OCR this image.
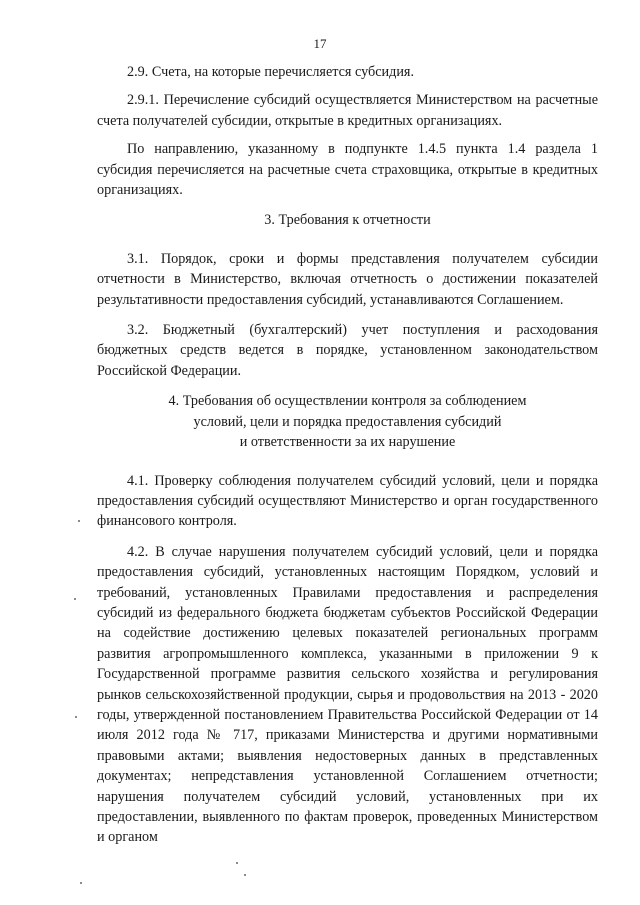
17

2.9. Счета, на которые перечисляется субсидия.

2.9.1. Перечисление субсидий осуществляется Министерством на расчетные счета получателей субсидии, открытые в кредитных организациях.

По направлению, указанному в подпункте 1.4.5 пункта 1.4 раздела 1 субсидия перечисляется на расчетные счета страховщика, открытые в кредитных организациях.

3. Требования к отчетности

3.1. Порядок, сроки и формы представления получателем субсидии отчетности в Министерство, включая отчетность о достижении показателей результативности предоставления субсидий, устанавливаются Соглашением.

3.2. Бюджетный (бухгалтерский) учет поступления и расходования бюджетных средств ведется в порядке, установленном законодательством Российской Федерации.

4. Требования об осуществлении контроля за соблюдением
условий, цели и порядка предоставления субсидий
и ответственности за их нарушение

4.1. Проверку соблюдения получателем субсидий условий, цели и порядка предоставления субсидий осуществляют Министерство и орган государственного финансового контроля.

4.2. В случае нарушения получателем субсидий условий, цели и порядка предоставления субсидий, установленных настоящим Порядком, условий и требований, установленных Правилами предоставления и распределения субсидий из федерального бюджета бюджетам субъектов Российской Федерации на содействие достижению целевых показателей региональных программ развития агропромышленного комплекса, указанными в приложении 9 к Государственной программе развития сельского хозяйства и регулирования рынков сельскохозяйственной продукции, сырья и продовольствия на 2013 - 2020 годы, утвержденной постановлением Правительства Российской Федерации от 14 июля 2012 года № 717, приказами Министерства и другими нормативными правовыми актами; выявления недостоверных данных в представленных документах; непредставления установленной Соглашением отчетности; нарушения получателем субсидий условий, установленных при их предоставлении, выявленного по фактам проверок, проведенных Министерством и органом
